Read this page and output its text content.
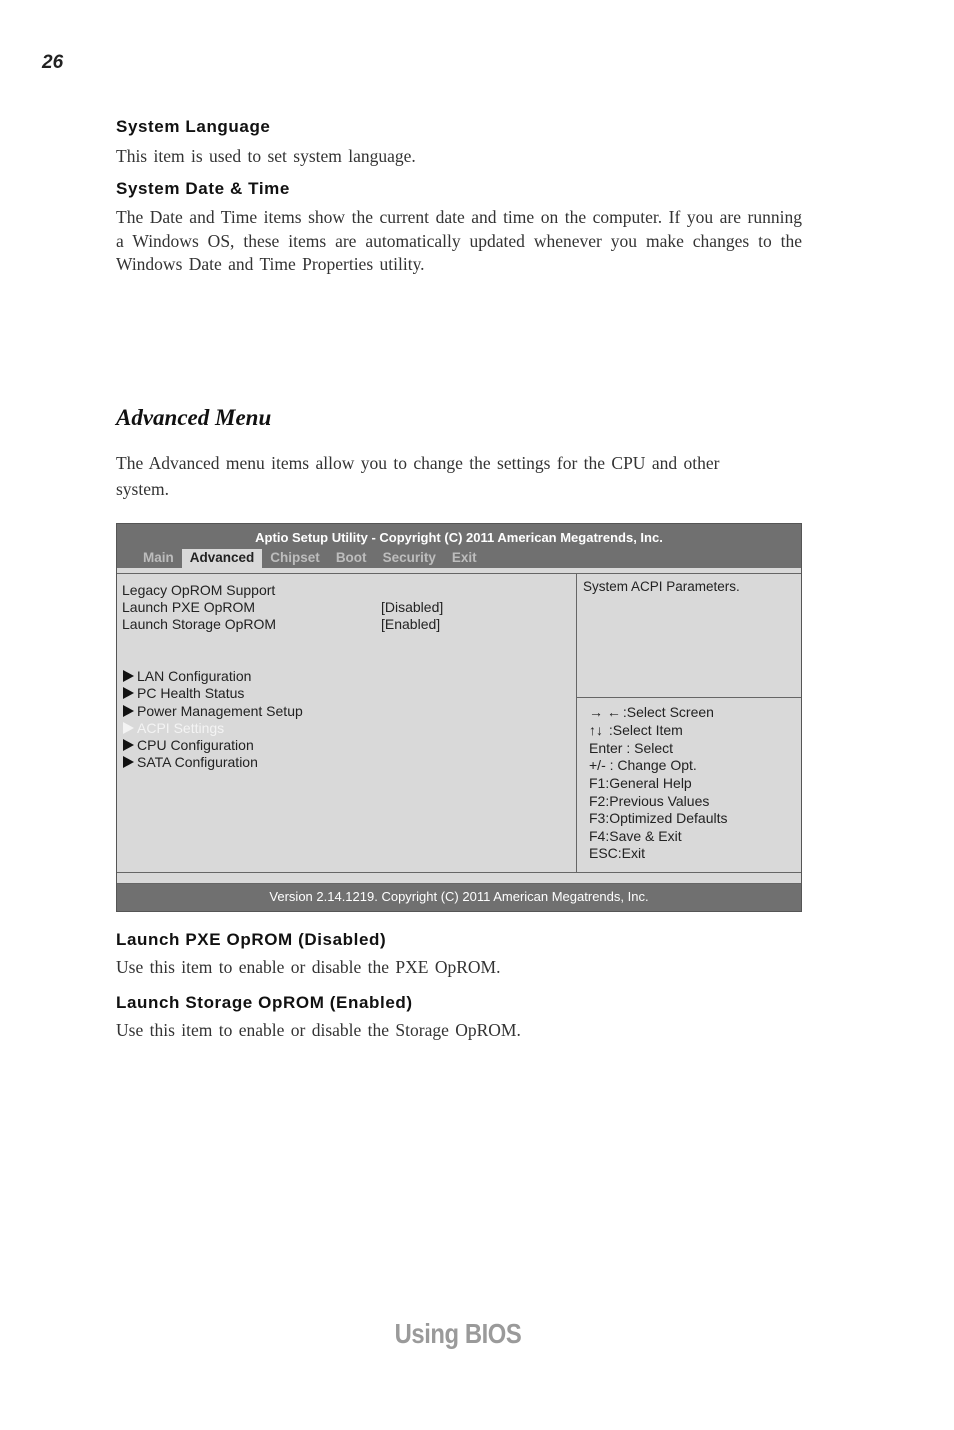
26
System Language
This item is used to set system language.
System Date & Time
The Date and Time items show the current date and time on the computer. If you are running a Windows OS, these items are automatically updated whenever you make changes to the Windows Date and Time Properties utility.
Advanced Menu
The Advanced menu items allow you to change the settings for the CPU and other system.
Aptio Setup Utility - Copyright (C) 2011 American Megatrends, Inc.
Main	Advanced	Chipset	Boot	Security	Exit
Legacy OpROM Support
Launch PXE OpROM	[Disabled]
Launch Storage OpROM	[Enabled]
LAN Configuration
PC Health Status
Power Management Setup
ACPI Settings
CPU Configuration
SATA Configuration
System ACPI Parameters.
→ ← :Select Screen
↑↓ :Select Item
Enter : Select
+/- : Change Opt.
F1:General Help
F2:Previous Values
F3:Optimized Defaults
F4:Save & Exit
ESC:Exit
Version 2.14.1219. Copyright (C) 2011 American Megatrends, Inc.
Launch PXE OpROM (Disabled)
Use this item to enable or disable the PXE OpROM.
Launch Storage OpROM (Enabled)
Use this item to enable or disable the Storage OpROM.
Using BIOS
